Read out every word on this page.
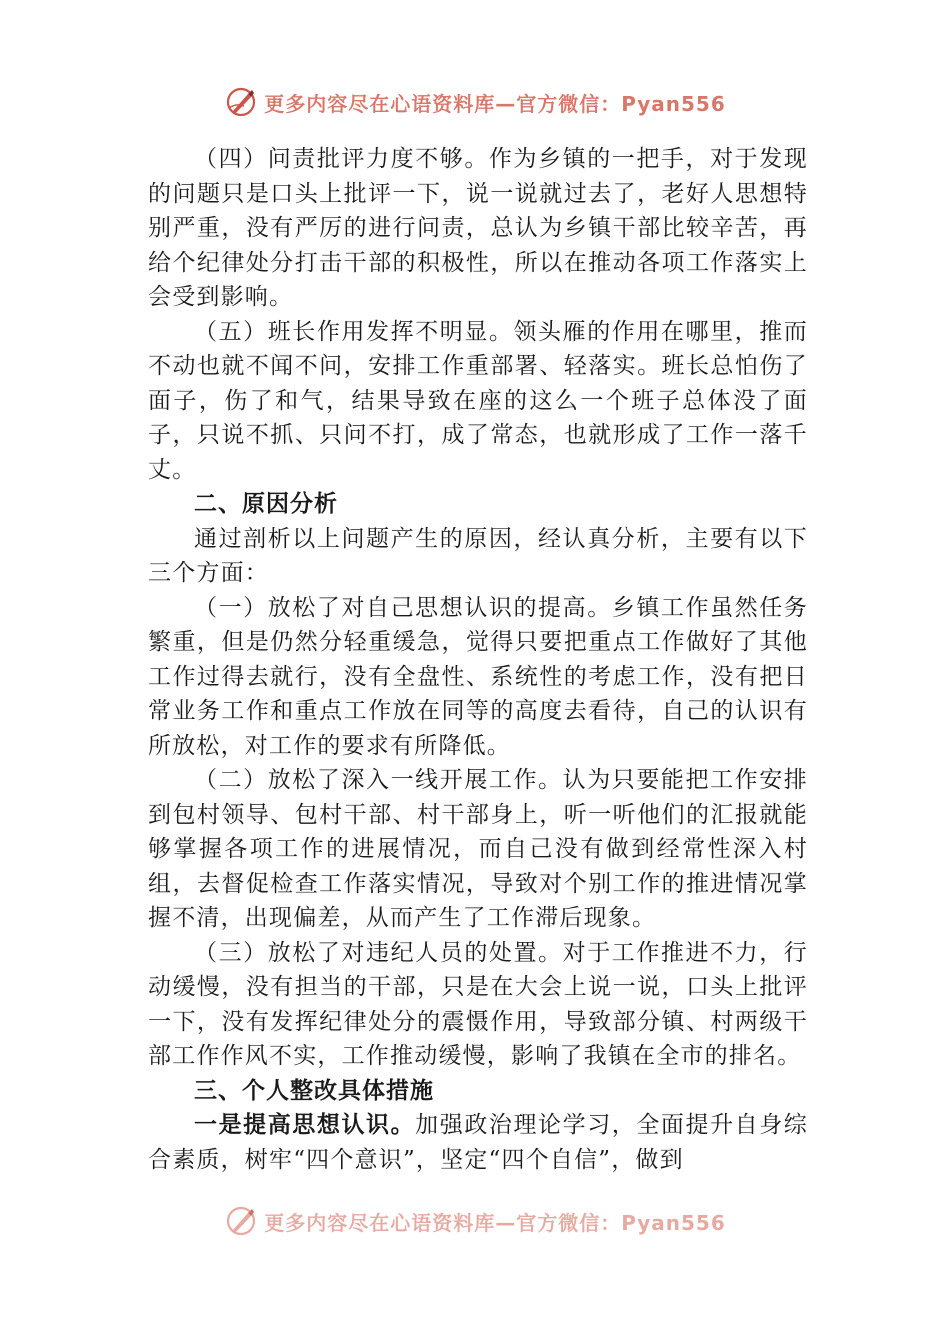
更多内容尽在心语资料库—官方微信：Pyan556

（四）问责批评力度不够。作为乡镇的一把手，对于发现的问题只是口头上批评一下，说一说就过去了，老好人思想特别严重，没有严厉的进行问责，总认为乡镇干部比较辛苦，再给个纪律处分打击干部的积极性，所以在推动各项工作落实上会受到影响。

（五）班长作用发挥不明显。领头雁的作用在哪里，推而不动也就不闻不问，安排工作重部署、轻落实。班长总怕伤了面子，伤了和气，结果导致在座的这么一个班子总体没了面子，只说不抓、只问不打，成了常态，也就形成了工作一落千丈。

二、原因分析

通过剖析以上问题产生的原因，经认真分析，主要有以下三个方面：

（一）放松了对自己思想认识的提高。乡镇工作虽然任务繁重，但是仍然分轻重缓急，觉得只要把重点工作做好了其他工作过得去就行，没有全盘性、系统性的考虑工作，没有把日常业务工作和重点工作放在同等的高度去看待，自己的认识有所放松，对工作的要求有所降低。

（二）放松了深入一线开展工作。认为只要能把工作安排到包村领导、包村干部、村干部身上，听一听他们的汇报就能够掌握各项工作的进展情况，而自己没有做到经常性深入村组，去督促检查工作落实情况，导致对个别工作的推进情况掌握不清，出现偏差，从而产生了工作滞后现象。

（三）放松了对违纪人员的处置。对于工作推进不力，行动缓慢，没有担当的干部，只是在大会上说一说，口头上批评一下，没有发挥纪律处分的震慑作用，导致部分镇、村两级干部工作作风不实，工作推动缓慢，影响了我镇在全市的排名。

三、个人整改具体措施

一是提高思想认识。加强政治理论学习，全面提升自身综合素质，树牢“四个意识”，坚定“四个自信”，做到

更多内容尽在心语资料库—官方微信：Pyan556
